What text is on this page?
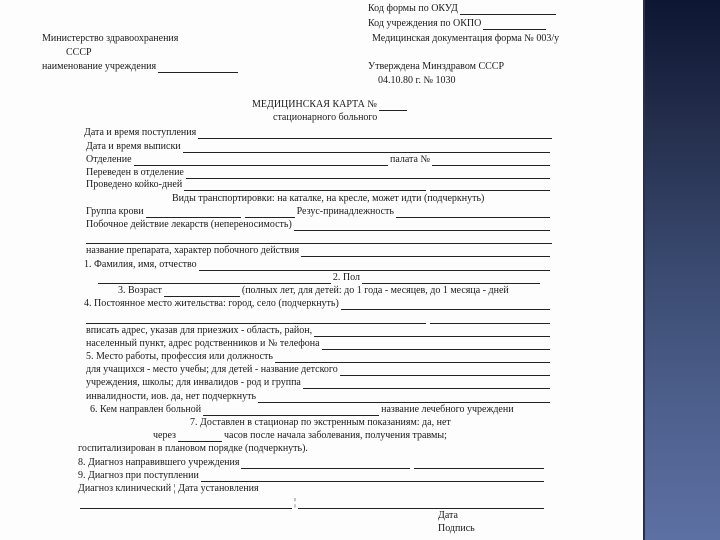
Код формы по ОКУД
Код учреждения по ОКПО
Министерство здравоохранения	Медицинская документация форма № 003/у
СССР
наименование учреждения	Утверждена Минздравом СССР
04.10.80 г. № 1030
МЕДИЦИНСКАЯ КАРТА №
стационарного больного
Дата и время поступления
Дата и время выписки
Отделение	палата №
Переведен в отделение
Проведено койко-дней
Виды транспортировки: на каталке, на кресле, может идти (подчеркнуть)
Группа крови	Резус-принадлежность
Побочное действие лекарств (непереносимость)
название препарата, характер побочного действия
1. Фамилия, имя, отчество
2. Пол
3. Возраст	(полных лет, для детей: до 1 года - месяцев, до 1 месяца - дней
4. Постоянное место жительства: город, село (подчеркнуть)
вписать адрес, указав для приезжих - область, район,
населенный пункт, адрес родственников и № телефона
5. Место работы, профессия или должность
для учащихся - место учебы; для детей - название детского
учреждения, школы; для инвалидов - род и группа
инвалидности, иов. да, нет подчеркнуть
6. Кем направлен больной	название лечебного учреждени
7. Доставлен в стационар по экстренным показаниям: да, нет
через	часов после начала заболевания, получения травмы;
госпитализирован в плановом порядке (подчеркнуть).
8. Диагноз направившего учреждения
9. Диагноз при поступлении
Диагноз клинический ¦ Дата установления
¦
Дата
Подпись
